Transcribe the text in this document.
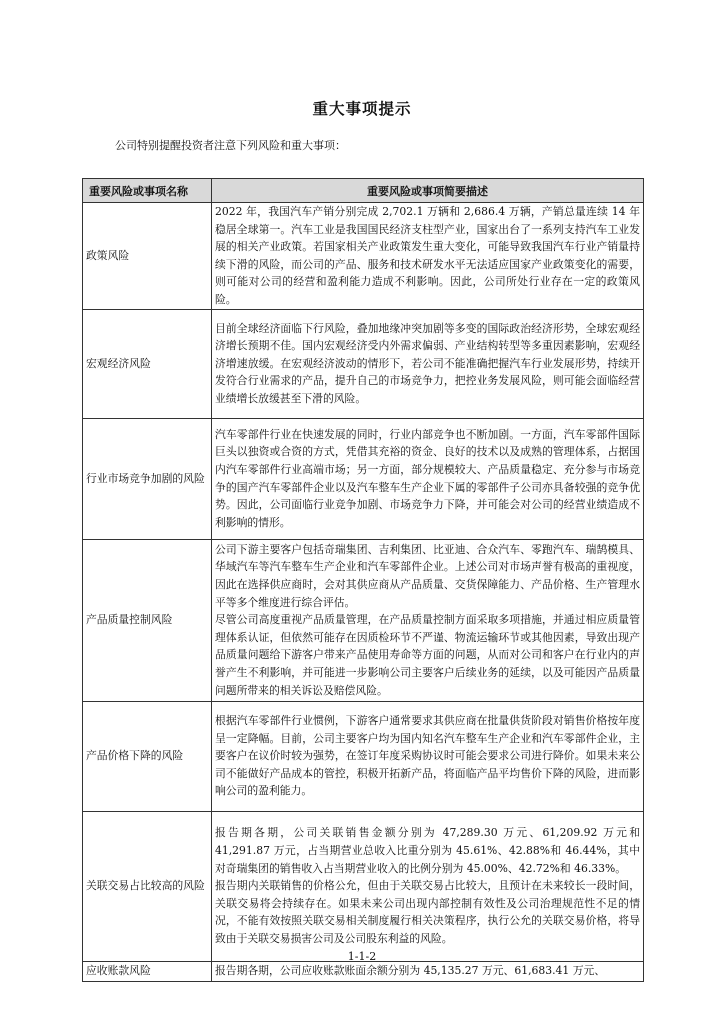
重大事项提示
公司特别提醒投资者注意下列风险和重大事项：
重要风险或事项名称	重要风险或事项简要描述
政策风险	2022 年，我国汽车产销分别完成 2,702.1 万辆和 2,686.4 万辆，产销总量连续 14 年稳居全球第一。汽车工业是我国国民经济支柱型产业，国家出台了一系列支持汽车工业发展的相关产业政策。若国家相关产业政策发生重大变化，可能导致我国汽车行业产销量持续下滑的风险，而公司的产品、服务和技术研发水平无法适应国家产业政策变化的需要，则可能对公司的经营和盈利能力造成不利影响。因此，公司所处行业存在一定的政策风险。

宏观经济风险	目前全球经济面临下行风险，叠加地缘冲突加剧等多变的国际政治经济形势，全球宏观经济增长预期不佳。国内宏观经济受内外需求偏弱、产业结构转型等多重因素影响，宏观经济增速放缓。在宏观经济波动的情形下，若公司不能准确把握汽车行业发展形势，持续开发符合行业需求的产品，提升自己的市场竞争力，把控业务发展风险，则可能会面临经营业绩增长放缓甚至下滑的风险。

行业市场竞争加剧的风险	汽车零部件行业在快速发展的同时，行业内部竞争也不断加剧。一方面，汽车零部件国际巨头以独资或合资的方式，凭借其充裕的资金、良好的技术以及成熟的管理体系，占据国内汽车零部件行业高端市场；另一方面，部分规模较大、产品质量稳定、充分参与市场竞争的国产汽车零部件企业以及汽车整车生产企业下属的零部件子公司亦具备较强的竞争优势。因此，公司面临行业竞争加剧、市场竞争力下降，并可能会对公司的经营业绩造成不利影响的情形。

产品质量控制风险	公司下游主要客户包括奇瑞集团、吉利集团、比亚迪、合众汽车、零跑汽车、瑞鹄模具、华域汽车等汽车整车生产企业和汽车零部件企业。上述公司对市场声誉有极高的重视度，因此在选择供应商时，会对其供应商从产品质量、交货保障能力、产品价格、生产管理水平等多个维度进行综合评估。

尽管公司高度重视产品质量管理，在产品质量控制方面采取多项措施，并通过相应质量管理体系认证，但依然可能存在因质检环节不严谨、物流运输环节或其他因素，导致出现产品质量问题给下游客户带来产品使用寿命等方面的问题，从而对公司和客户在行业内的声誉产生不利影响，并可能进一步影响公司主要客户后续业务的延续，以及可能因产品质量问题所带来的相关诉讼及赔偿风险。

产品价格下降的风险	根据汽车零部件行业惯例，下游客户通常要求其供应商在批量供货阶段对销售价格按年度呈一定降幅。目前，公司主要客户均为国内知名汽车整车生产企业和汽车零部件企业，主要客户在议价时较为强势，在签订年度采购协议时可能会要求公司进行降价。如果未来公司不能做好产品成本的管控，积极开拓新产品，将面临产品平均售价下降的风险，进而影响公司的盈利能力。

关联交易占比较高的风险	报告期各期，公司关联销售金额分别为 47,289.30 万元、61,209.92 万元和 41,291.87 万元，占当期营业总收入比重分别为 45.61%、42.88%和 46.44%，其中对奇瑞集团的销售收入占当期营业收入的比例分别为 45.00%、42.72%和 46.33%。

报告期内关联销售的价格公允，但由于关联交易占比较大，且预计在未来较长一段时间，关联交易将会持续存在。如果未来公司出现内部控制有效性及公司治理规范性不足的情况，不能有效按照关联交易相关制度履行相关决策程序，执行公允的关联交易价格，将导致由于关联交易损害公司及公司股东利益的风险。

应收账款风险	报告期各期，公司应收账款账面余额分别为 45,135.27 万元、61,683.41 万元、

1-1-2
